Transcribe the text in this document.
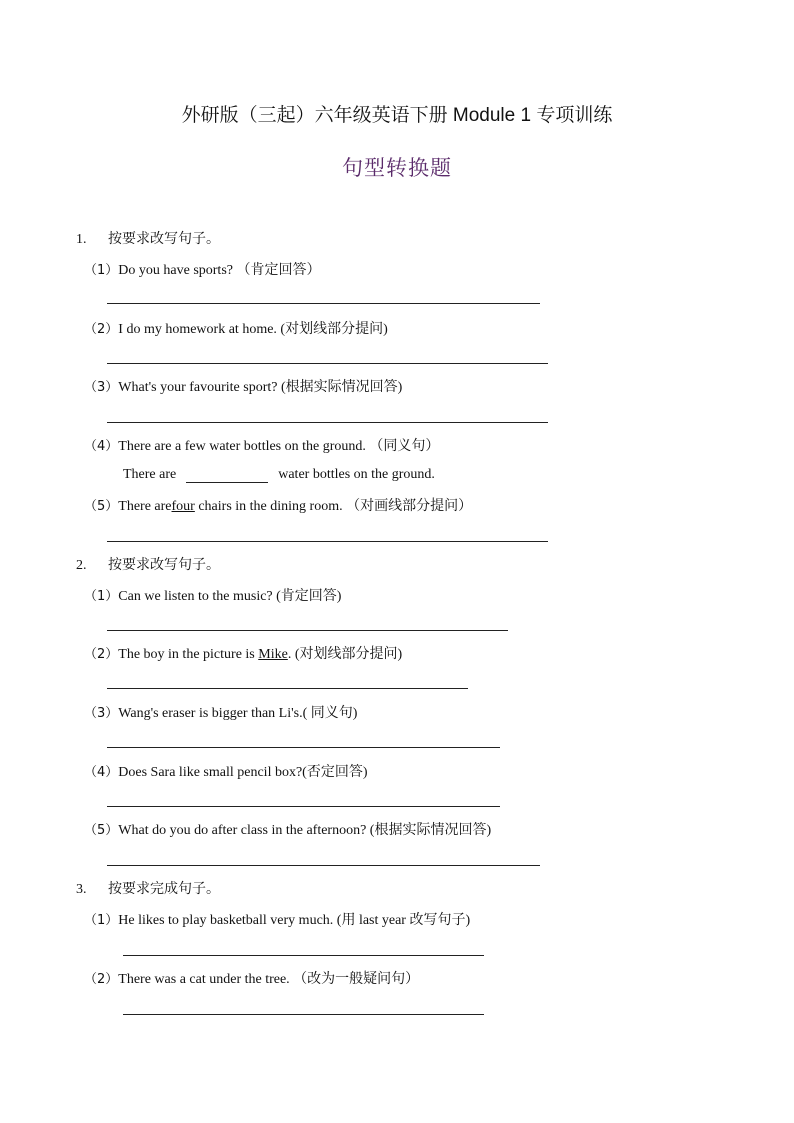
外研版（三起）六年级英语下册 Module 1 专项训练
句型转换题
1. 按要求改写句子。
（1）Do you have sports? （肯定回答）
（2）I do my homework at home. (对划线部分提问)
（3）What's your favourite sport? (根据实际情况回答)
（4）There are a few water bottles on the ground. （同义句）
There are	water bottles on the ground.
（5）There arefour chairs in the dining room. （对画线部分提问）
2. 按要求改写句子。
（1）Can we listen to the music? (肯定回答)
（2）The boy in the picture is Mike. (对划线部分提问)
（3）Wang's eraser is bigger than Li's.( 同义句)
（4）Does Sara like small pencil box?(否定回答)
（5）What do you do after class in the afternoon? (根据实际情况回答)
3. 按要求完成句子。
（1）He likes to play basketball very much. (用 last year 改写句子)
（2）There was a cat under the tree. （改为一般疑问句）
